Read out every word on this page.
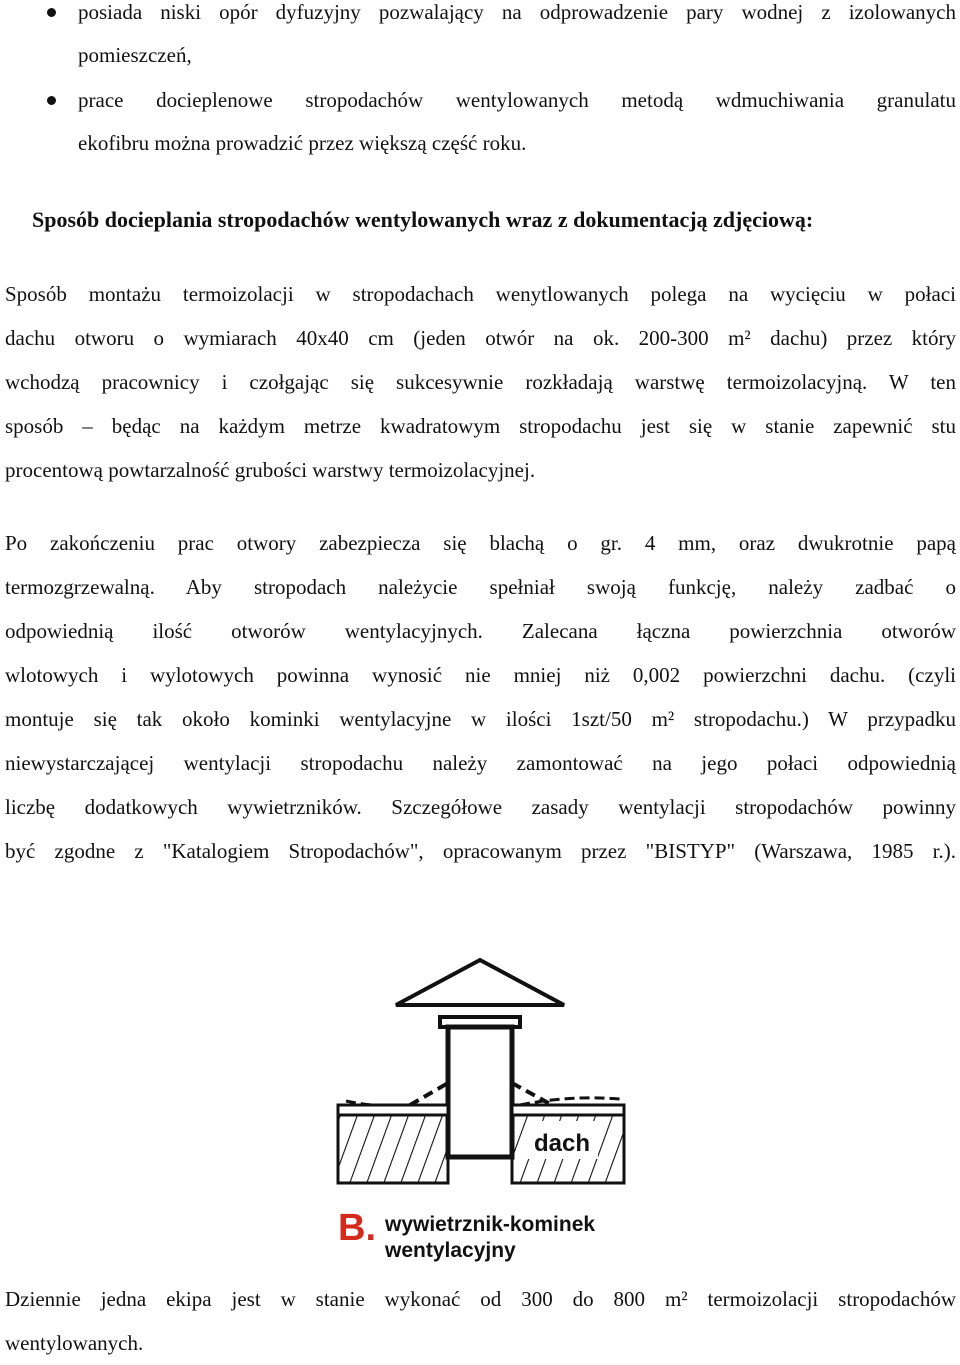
posiada niski opór dyfuzyjny pozwalający na odprowadzenie pary wodnej z izolowanych
pomieszczeń,
prace docieplenowe stropodachów wentylowanych metodą wdmuchiwania granulatu
ekofibru można prowadzić przez większą część roku.
Sposób docieplania stropodachów wentylowanych wraz z dokumentacją zdjęciową:
Sposób montażu termoizolacji w stropodachach wenytlowanych polega na wycięciu w połaci
dachu otworu o wymiarach 40x40 cm (jeden otwór na ok. 200-300 m² dachu) przez który
wchodzą pracownicy i czołgając się sukcesywnie rozkładają warstwę termoizolacyjną. W ten
sposób – będąc na każdym metrze kwadratowym stropodachu jest się w stanie zapewnić stu
procentową powtarzalność grubości warstwy termoizolacyjnej.
Po zakończeniu prac otwory zabezpiecza się blachą o gr. 4 mm, oraz dwukrotnie papą
termozgrzewalną. Aby stropodach należycie spełniał swoją funkcję, należy zadbać o
odpowiednią ilość otworów wentylacyjnych. Zalecana łączna powierzchnia otworów
wlotowych i wylotowych powinna wynosić nie mniej niż 0,002 powierzchni dachu. (czyli
montuje się tak około kominki wentylacyjne w ilości 1szt/50 m² stropodachu.) W przypadku
niewystarczającej wentylacji stropodachu należy zamontować na jego połaci odpowiednią
liczbę dodatkowych wywietrzników. Szczegółowe zasady wentylacji stropodachów powinny
być zgodne z "Katalogiem Stropodachów", opracowanym przez "BISTYP" (Warszawa, 1985 r.).
dach
B. wywietrznik-kominek
wentylacyjny
Dziennie jedna ekipa jest w stanie wykonać od 300 do 800 m² termoizolacji stropodachów
wentylowanych.
